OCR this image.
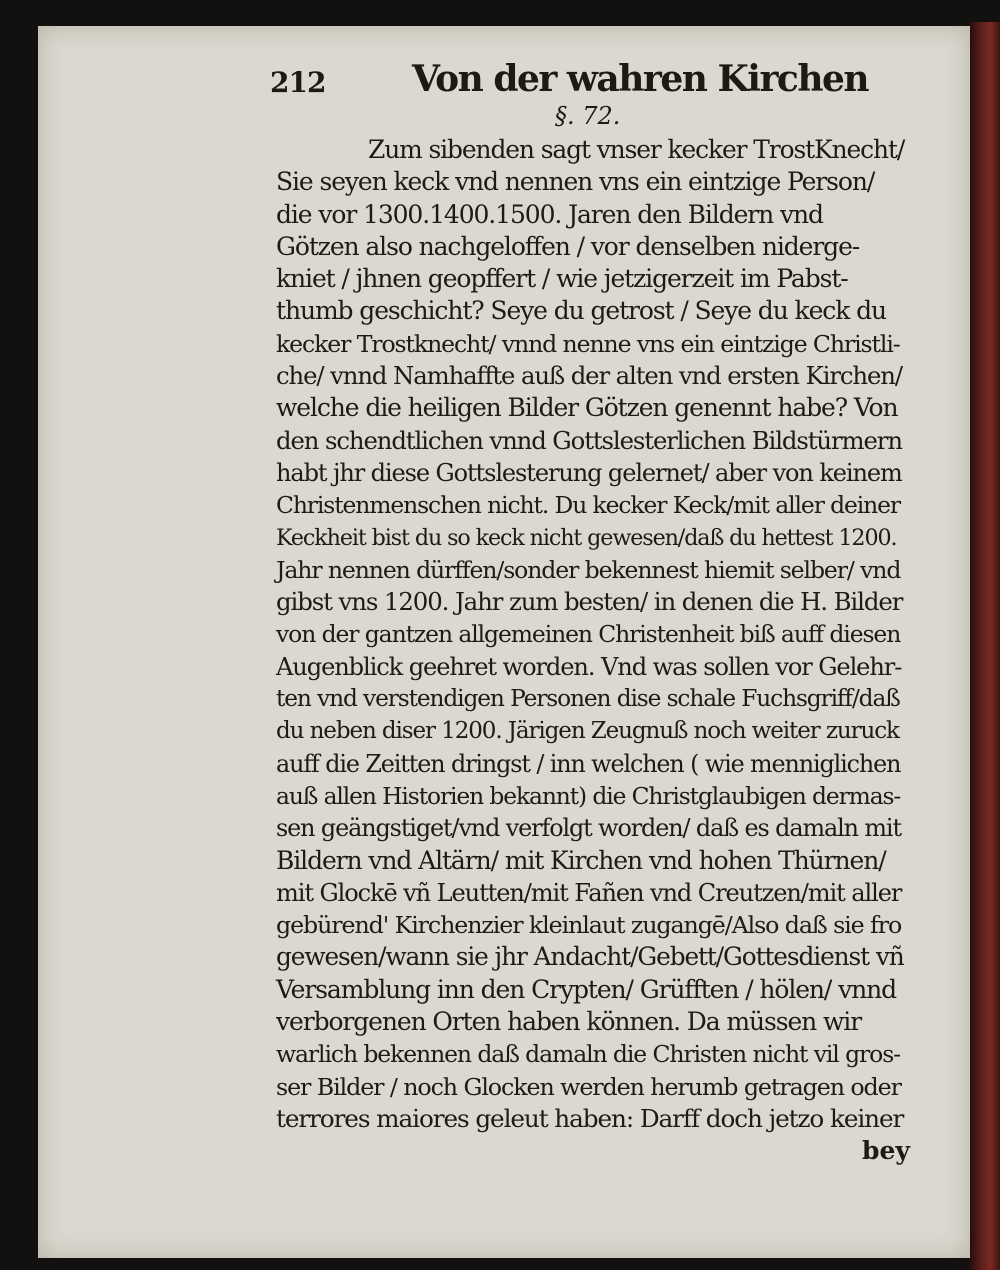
212 Von der wahren Kirchen
§. 72.
Zum sibenden sagt vnser kecker TrostKnecht/
Sie seyen keck vnd nennen vns ein eintzige Person/
die vor 1300.1400.1500. Jaren den Bildern vnd
Götzen also nachgeloffen / vor denselben niderge-
kniet / jhnen geopffert / wie jetzigerzeit im Pabst-
thumb geschicht? Seye du getrost / Seye du keck du
kecker Trostknecht/ vnnd nenne vns ein eintzige Christli-
che/ vnnd Namhaffte auß der alten vnd ersten Kirchen/
welche die heiligen Bilder Götzen genennt habe? Von
den schendtlichen vnnd Gottslesterlichen Bildstürmern
habt jhr diese Gottslesterung gelernet/ aber von keinem
Christenmenschen nicht. Du kecker Keck/mit aller deiner
Keckheit bist du so keck nicht gewesen/daß du hettest 1200.
Jahr nennen dürffen/sonder bekennest hiemit selber/ vnd
gibst vns 1200. Jahr zum besten/ in denen die H. Bilder
von der gantzen allgemeinen Christenheit biß auff diesen
Augenblick geehret worden. Vnd was sollen vor Gelehr-
ten vnd verstendigen Personen dise schale Fuchsgriff/daß
du neben diser 1200. Järigen Zeugnuß noch weiter zuruck
auff die Zeitten dringst / inn welchen ( wie menniglichen
auß allen Historien bekannt) die Christglaubigen dermas-
sen geängstiget/vnd verfolgt worden/ daß es damaln mit
Bildern vnd Altärn/ mit Kirchen vnd hohen Thürnen/
mit Glockē vñ Leutten/mit Fañen vnd Creutzen/mit aller
gebürend' Kirchenzier kleinlaut zugangē/Also daß sie fro
gewesen/wann sie jhr Andacht/Gebett/Gottesdienst vñ
Versamblung inn den Crypten/ Grüfften / hölen/ vnnd
verborgenen Orten haben können. Da müssen wir
warlich bekennen daß damaln die Christen nicht vil gros-
ser Bilder / noch Glocken werden herumb getragen oder
terrores maiores geleut haben: Darff doch jetzo keiner
bey
